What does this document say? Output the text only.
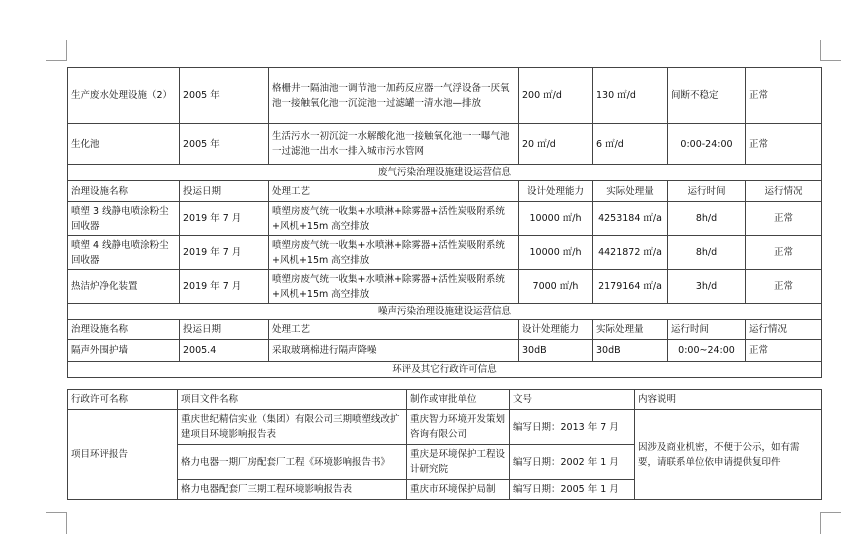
生产废水处理设施（2）	2005 年	格栅井一隔油池一调节池一加药反应器一气浮设备一厌氧池一接触氧化池一沉淀池一过滤罐一清水池—排放	200 ㎡/d	130 ㎡/d	间断不稳定	正常
生化池	2005 年	生活污水一初沉淀一水解酸化池一接触氧化池一一曝气池一过滤池一出水一排入城市污水管网	20 ㎡/d	6 ㎡/d	0:00-24:00	正常
废气污染治理设施建设运营信息						
治理设施名称	投运日期	处理工艺	设计处理能力	实际处理量	运行时间	运行情况
喷塑 3 线静电喷涂粉尘回收器	2019 年 7 月	喷塑房废气统一收集+水喷淋+除雾器+活性炭吸附系统+风机+15m 高空排放	10000 ㎡/h	4253184 ㎡/a	8h/d	正常
喷塑 4 线静电喷涂粉尘回收器	2019 年 7 月	喷塑房废气统一收集+水喷淋+除雾器+活性炭吸附系统+风机+15m 高空排放	10000 ㎡/h	4421872 ㎡/a	8h/d	正常
热洁炉净化装置	2019 年 7 月	喷塑房废气统一收集+水喷淋+除雾器+活性炭吸附系统+风机+15m 高空排放	7000 ㎡/h	2179164 ㎡/a	3h/d	正常
噪声污染治理设施建设运营信息						
治理设施名称	投运日期	处理工艺	设计处理能力	实际处理量	运行时间	运行情况
隔声外围护墙	2005.4	采取玻璃棉进行隔声降噪	30dB	30dB	0:00~24:00	正常
环评及其它行政许可信息						
行政许可名称	项目文件名称	制作或审批单位	文号	内容说明
项目环评报告	重庆世纪精信实业（集团）有限公司三期喷塑线改扩建项目环境影响报告表	重庆智力环境开发策划咨询有限公司	编写日期：2013 年 7 月	因涉及商业机密，不便于公示，如有需要，请联系单位依申请提供复印件
	格力电器一期厂房配套厂工程《环境影响报告书》	重庆是环境保护工程设计研究院	编写日期：2002 年 1 月	
	格力电器配套厂三期工程环境影响报告表	重庆市环境保护局制	编写日期：2005 年 1 月	
